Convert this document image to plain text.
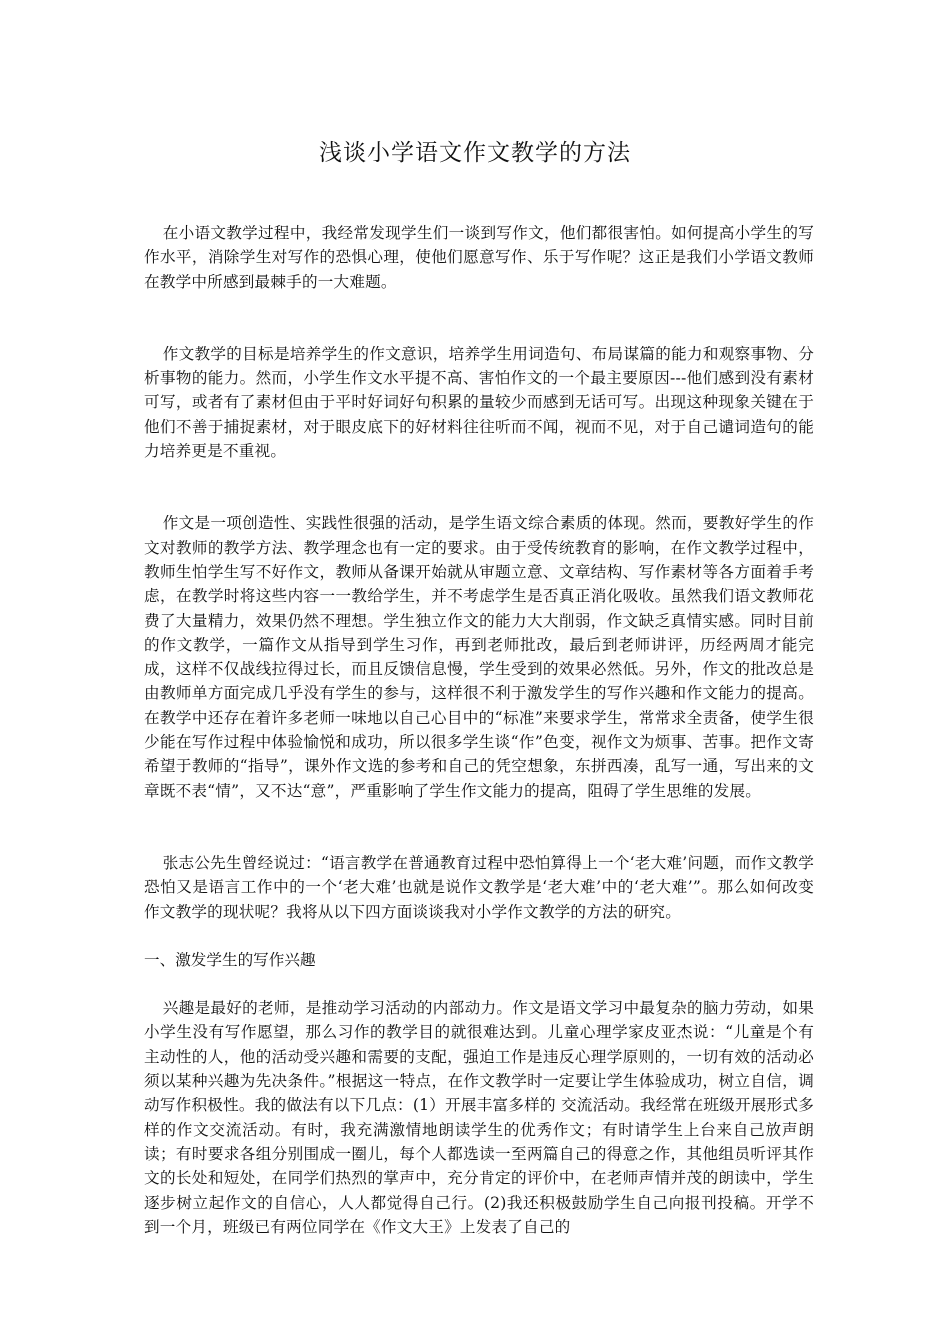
浅谈小学语文作文教学的方法

在小语文教学过程中，我经常发现学生们一谈到写作文，他们都很害怕。如何提高小学生的写作水平，消除学生对写作的恐惧心理，使他们愿意写作、乐于写作呢？这正是我们小学语文教师在教学中所感到最棘手的一大难题。

作文教学的目标是培养学生的作文意识，培养学生用词造句、布局谋篇的能力和观察事物、分析事物的能力。然而，小学生作文水平提不高、害怕作文的一个最主要原因---他们感到没有素材可写，或者有了素材但由于平时好词好句积累的量较少而感到无话可写。出现这种现象关键在于他们不善于捕捉素材，对于眼皮底下的好材料往往听而不闻，视而不见，对于自己谴词造句的能力培养更是不重视。

作文是一项创造性、实践性很强的活动，是学生语文综合素质的体现。然而，要教好学生的作文对教师的教学方法、教学理念也有一定的要求。由于受传统教育的影响，在作文教学过程中，教师生怕学生写不好作文，教师从备课开始就从审题立意、文章结构、写作素材等各方面着手考虑，在教学时将这些内容一一教给学生，并不考虑学生是否真正消化吸收。虽然我们语文教师花费了大量精力，效果仍然不理想。学生独立作文的能力大大削弱，作文缺乏真情实感。同时目前的作文教学，一篇作文从指导到学生习作，再到老师批改，最后到老师讲评，历经两周才能完成，这样不仅战线拉得过长，而且反馈信息慢，学生受到的效果必然低。另外，作文的批改总是由教师单方面完成几乎没有学生的参与，这样很不利于激发学生的写作兴趣和作文能力的提高。在教学中还存在着许多老师一味地以自己心目中的“标准”来要求学生，常常求全责备，使学生很少能在写作过程中体验愉悦和成功，所以很多学生谈“作”色变，视作文为烦事、苦事。把作文寄希望于教师的“指导”，课外作文选的参考和自己的凭空想象，东拼西凑，乱写一通，写出来的文章既不表“情”，又不达“意”，严重影响了学生作文能力的提高，阻碍了学生思维的发展。

张志公先生曾经说过：“语言教学在普通教育过程中恐怕算得上一个‘老大难’问题，而作文教学恐怕又是语言工作中的一个‘老大难’也就是说作文教学是‘老大难’中的‘老大难’”。那么如何改变作文教学的现状呢？我将从以下四方面谈谈我对小学作文教学的方法的研究。

一、激发学生的写作兴趣

兴趣是最好的老师，是推动学习活动的内部动力。作文是语文学习中最复杂的脑力劳动，如果小学生没有写作愿望，那么习作的教学目的就很难达到。儿童心理学家皮亚杰说：“儿童是个有主动性的人，他的活动受兴趣和需要的支配，强迫工作是违反心理学原则的，一切有效的活动必须以某种兴趣为先决条件。”根据这一特点，在作文教学时一定要让学生体验成功，树立自信，调动写作积极性。我的做法有以下几点：(1）开展丰富多样的 交流活动。我经常在班级开展形式多样的作文交流活动。有时，我充满激情地朗读学生的优秀作文；有时请学生上台来自己放声朗读；有时要求各组分别围成一圈儿，每个人都选读一至两篇自己的得意之作，其他组员听评其作文的长处和短处，在同学们热烈的掌声中，充分肯定的评价中，在老师声情并茂的朗读中，学生逐步树立起作文的自信心，人人都觉得自己行。(2)我还积极鼓励学生自己向报刊投稿。开学不到一个月，班级已有两位同学在《作文大王》上发表了自己的
